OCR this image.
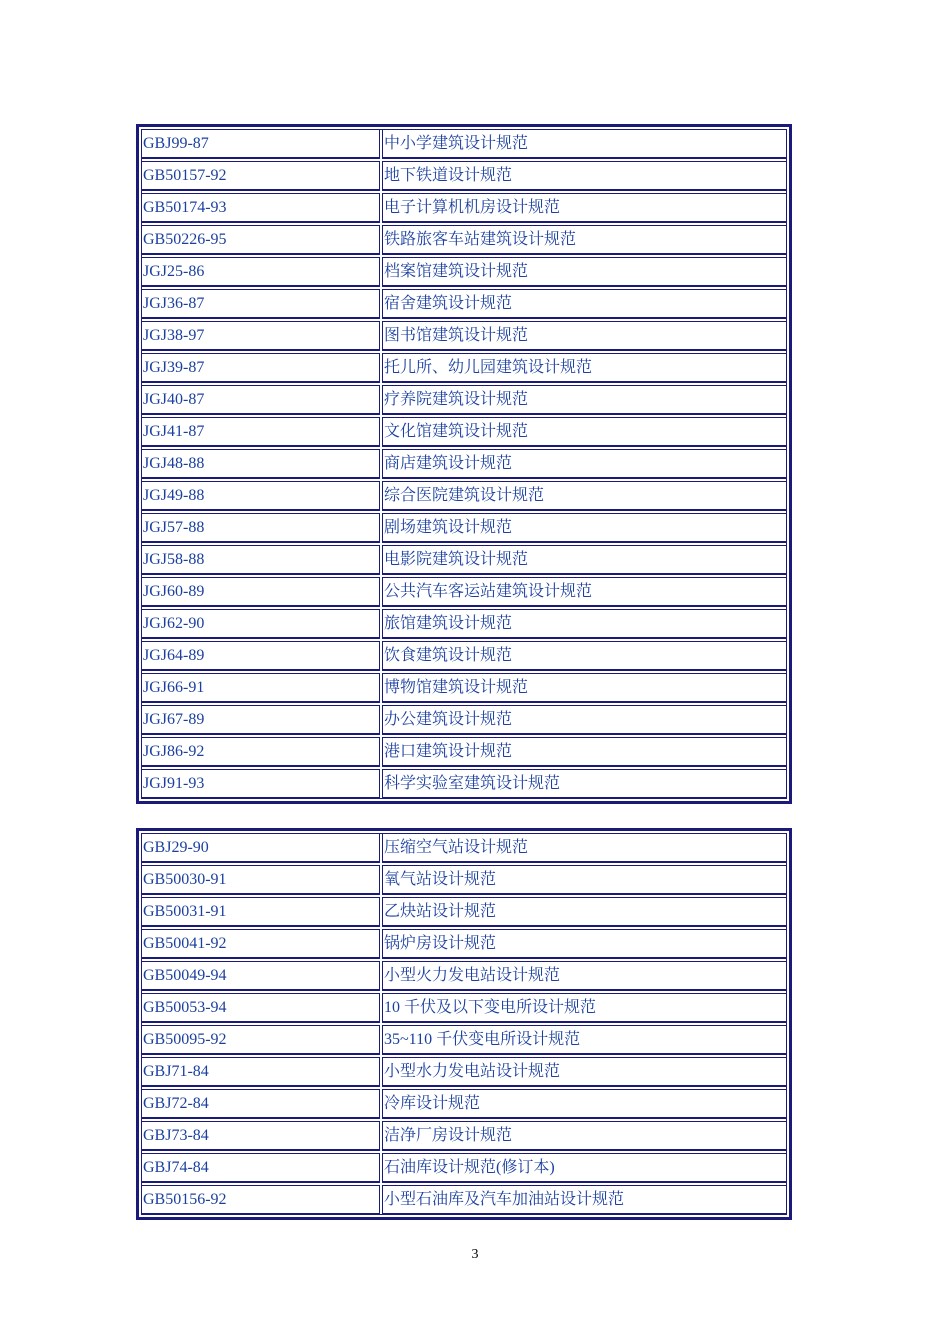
GBJ99-87	中小学建筑设计规范
GB50157-92	地下铁道设计规范
GB50174-93	电子计算机机房设计规范
GB50226-95	铁路旅客车站建筑设计规范
JGJ25-86	档案馆建筑设计规范
JGJ36-87	宿舍建筑设计规范
JGJ38-97	图书馆建筑设计规范
JGJ39-87	托儿所、幼儿园建筑设计规范
JGJ40-87	疗养院建筑设计规范
JGJ41-87	文化馆建筑设计规范
JGJ48-88	商店建筑设计规范
JGJ49-88	综合医院建筑设计规范
JGJ57-88	剧场建筑设计规范
JGJ58-88	电影院建筑设计规范
JGJ60-89	公共汽车客运站建筑设计规范
JGJ62-90	旅馆建筑设计规范
JGJ64-89	饮食建筑设计规范
JGJ66-91	博物馆建筑设计规范
JGJ67-89	办公建筑设计规范
JGJ86-92	港口建筑设计规范
JGJ91-93	科学实验室建筑设计规范
GBJ29-90	压缩空气站设计规范
GB50030-91	氧气站设计规范
GB50031-91	乙炔站设计规范
GB50041-92	锅炉房设计规范
GB50049-94	小型火力发电站设计规范
GB50053-94	10 千伏及以下变电所设计规范
GB50095-92	35~110 千伏变电所设计规范
GBJ71-84	小型水力发电站设计规范
GBJ72-84	冷库设计规范
GBJ73-84	洁净厂房设计规范
GBJ74-84	石油库设计规范(修订本)
GB50156-92	小型石油库及汽车加油站设计规范
3
